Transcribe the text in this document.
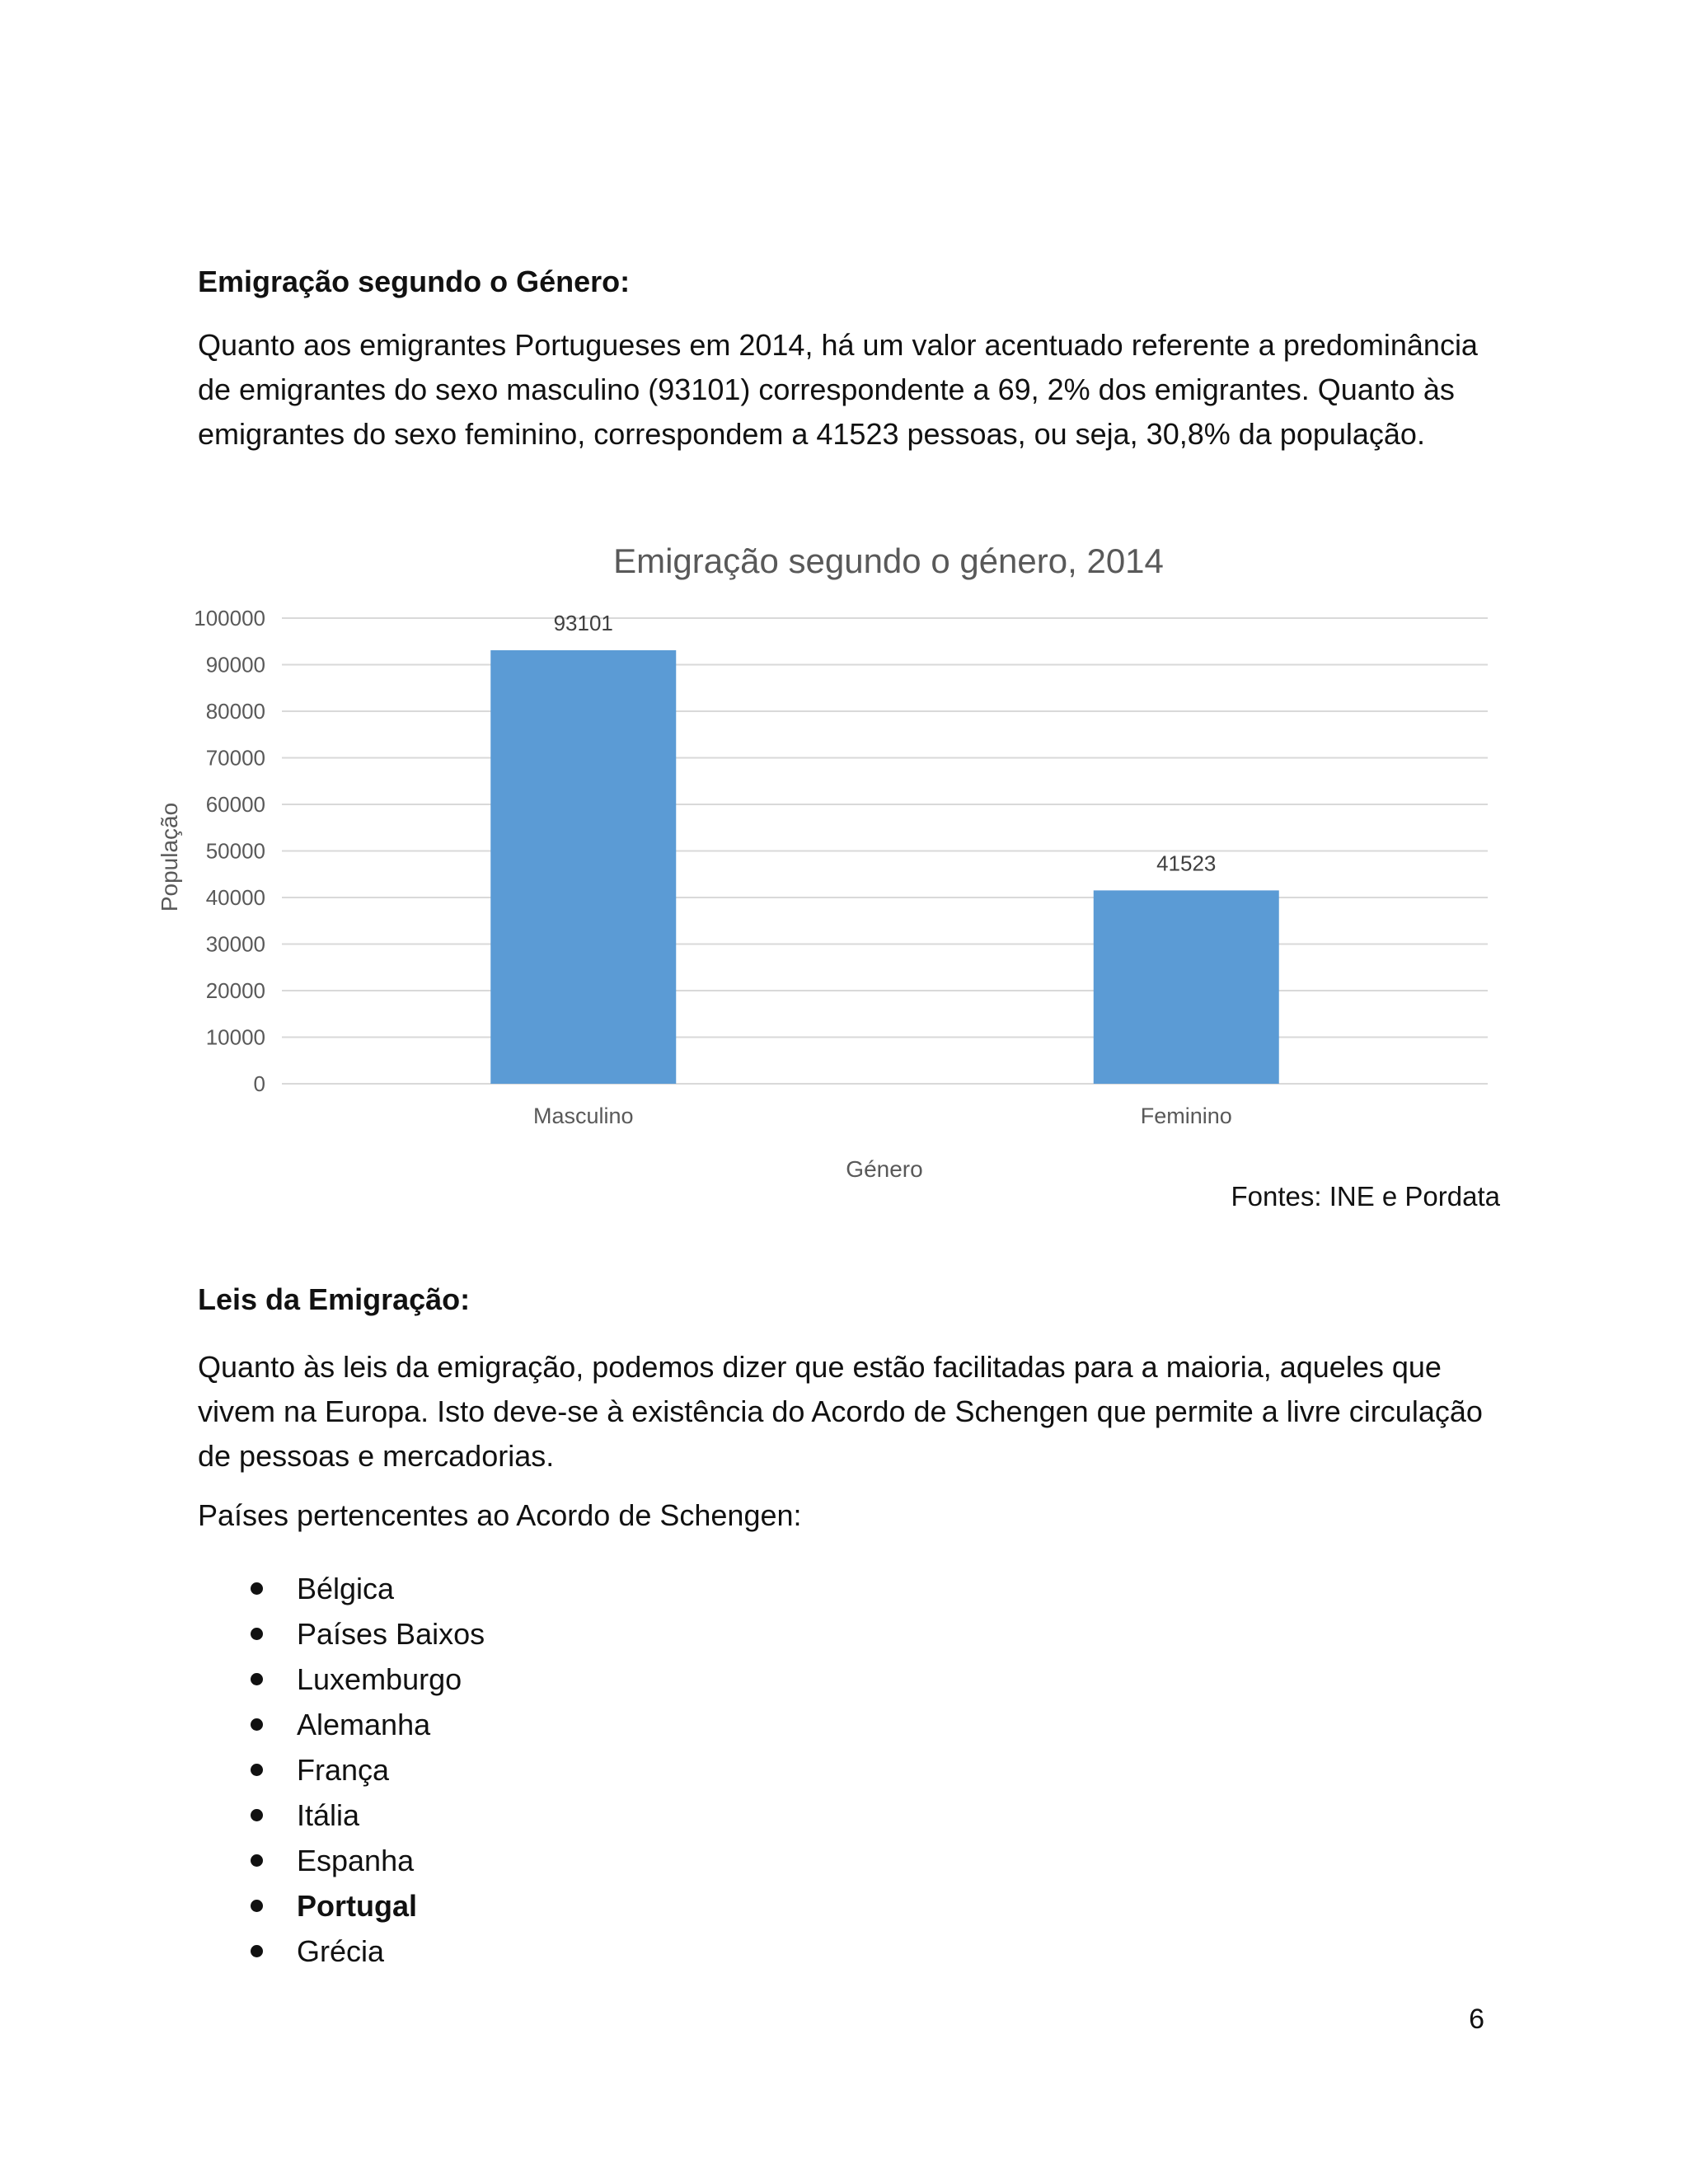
Emigração segundo o Género:

Quanto aos emigrantes Portugueses em 2014, há um valor acentuado referente a predominância de emigrantes do sexo masculino (93101) correspondente a 69, 2% dos emigrantes. Quanto às emigrantes do sexo feminino, correspondem a 41523 pessoas, ou seja, 30,8% da população.

0
10000
20000
30000
40000
50000
60000
70000
80000
90000
100000	93101
41523
Masculino	Feminino
Emigração segundo o género, 2014
Género
População
Fontes: INE e Pordata
Leis da Emigração:

Quanto às leis da emigração, podemos dizer que estão facilitadas para a maioria, aqueles que vivem na Europa. Isto deve-se à existência do Acordo de Schengen que permite a livre circulação de pessoas e mercadorias.

Países pertencentes ao Acordo de Schengen:

Bélgica
Países Baixos
Luxemburgo
Alemanha
França
Itália
Espanha
Portugal
Grécia
6
